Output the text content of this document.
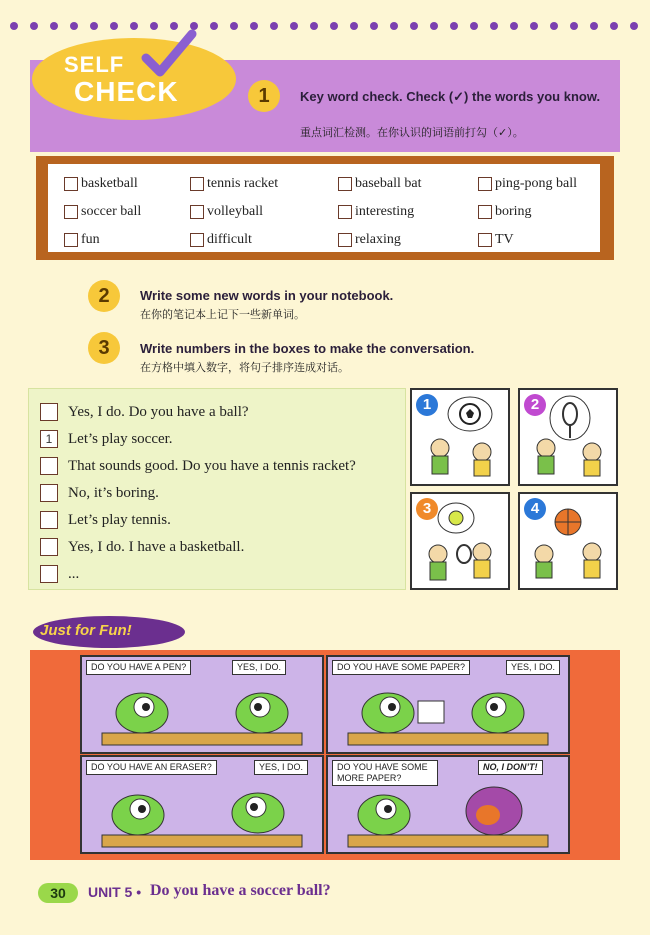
SELF
CHECK	1	Key word check. Check (✓) the words you know.
重点词汇检测。在你认识的词语前打勾（✓）。
basketball	tennis racket	baseball bat	ping-pong ball
soccer ball	volleyball	interesting	boring
fun	difficult	relaxing	TV
2	Write some new words in your notebook.
在你的笔记本上记下一些新单词。
3	Write numbers in the boxes to make the conversation.
在方格中填入数字，将句子排序连成对话。
Yes, I do. Do you have a ball?
1	Let’s play soccer.
That sounds good. Do you have a tennis racket?
No, it’s boring.
Let’s play tennis.
Yes, I do. I have a basketball.
...
1	2
3	4
Just for Fun!
DO YOU HAVE A PEN?	YES, I DO.	DO YOU HAVE SOME PAPER?	YES, I DO.
DO YOU HAVE AN ERASER?	YES, I DO.	DO YOU HAVE SOME MORE PAPER?
NO, I DON’T!
30	UNIT 5 • Do you have a soccer ball?
